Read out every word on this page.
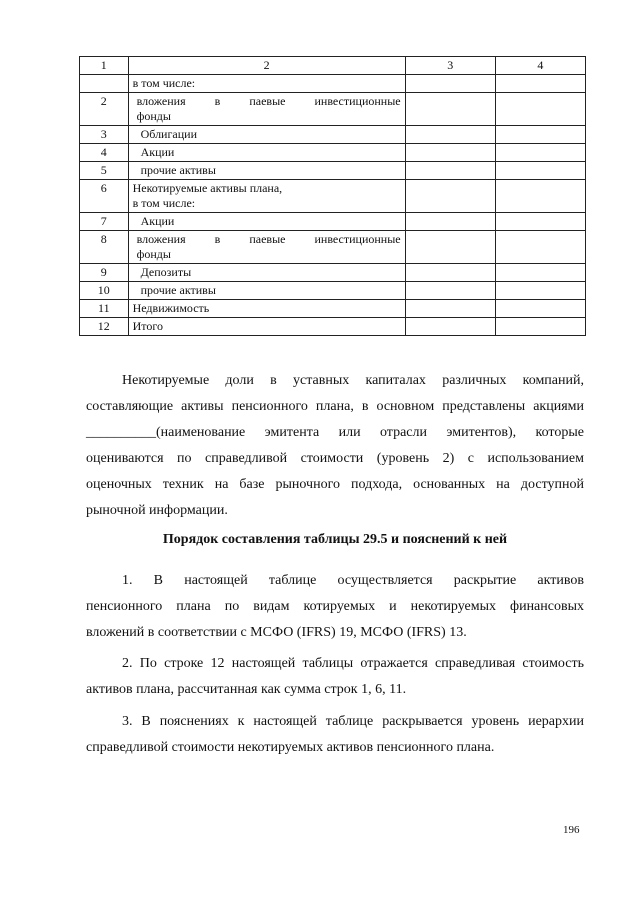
1	2	3	4

	в том числе:		

2	вложения в паевые инвестиционные
фонды		

3	Облигации		

4	Акции		

5	прочие активы		

6	Некотируемые активы плана,
в том числе:		

7	Акции		

8	вложения в паевые инвестиционные
фонды		

9	Депозиты		

10	прочие активы		

11	Недвижимость		

12	Итого		

Некотируемые доли в уставных капиталах различных компаний,
составляющие активы пенсионного плана, в основном представлены акциями
__________(наименование эмитента или отрасли эмитентов), которые
оцениваются по справедливой стоимости (уровень 2) с использованием
оценочных техник на базе рыночного подхода, основанных на доступной
рыночной информации.

Порядок составления таблицы 29.5 и пояснений к ней

1. В настоящей таблице осуществляется раскрытие активов
пенсионного плана по видам котируемых и некотируемых финансовых
вложений в соответствии с МСФО (IFRS) 19, МСФО (IFRS) 13.

2. По строке 12 настоящей таблицы отражается справедливая стоимость
активов плана, рассчитанная как сумма строк 1, 6, 11.

3. В пояснениях к настоящей таблице раскрывается уровень иерархии
справедливой стоимости некотируемых активов пенсионного плана.

196
